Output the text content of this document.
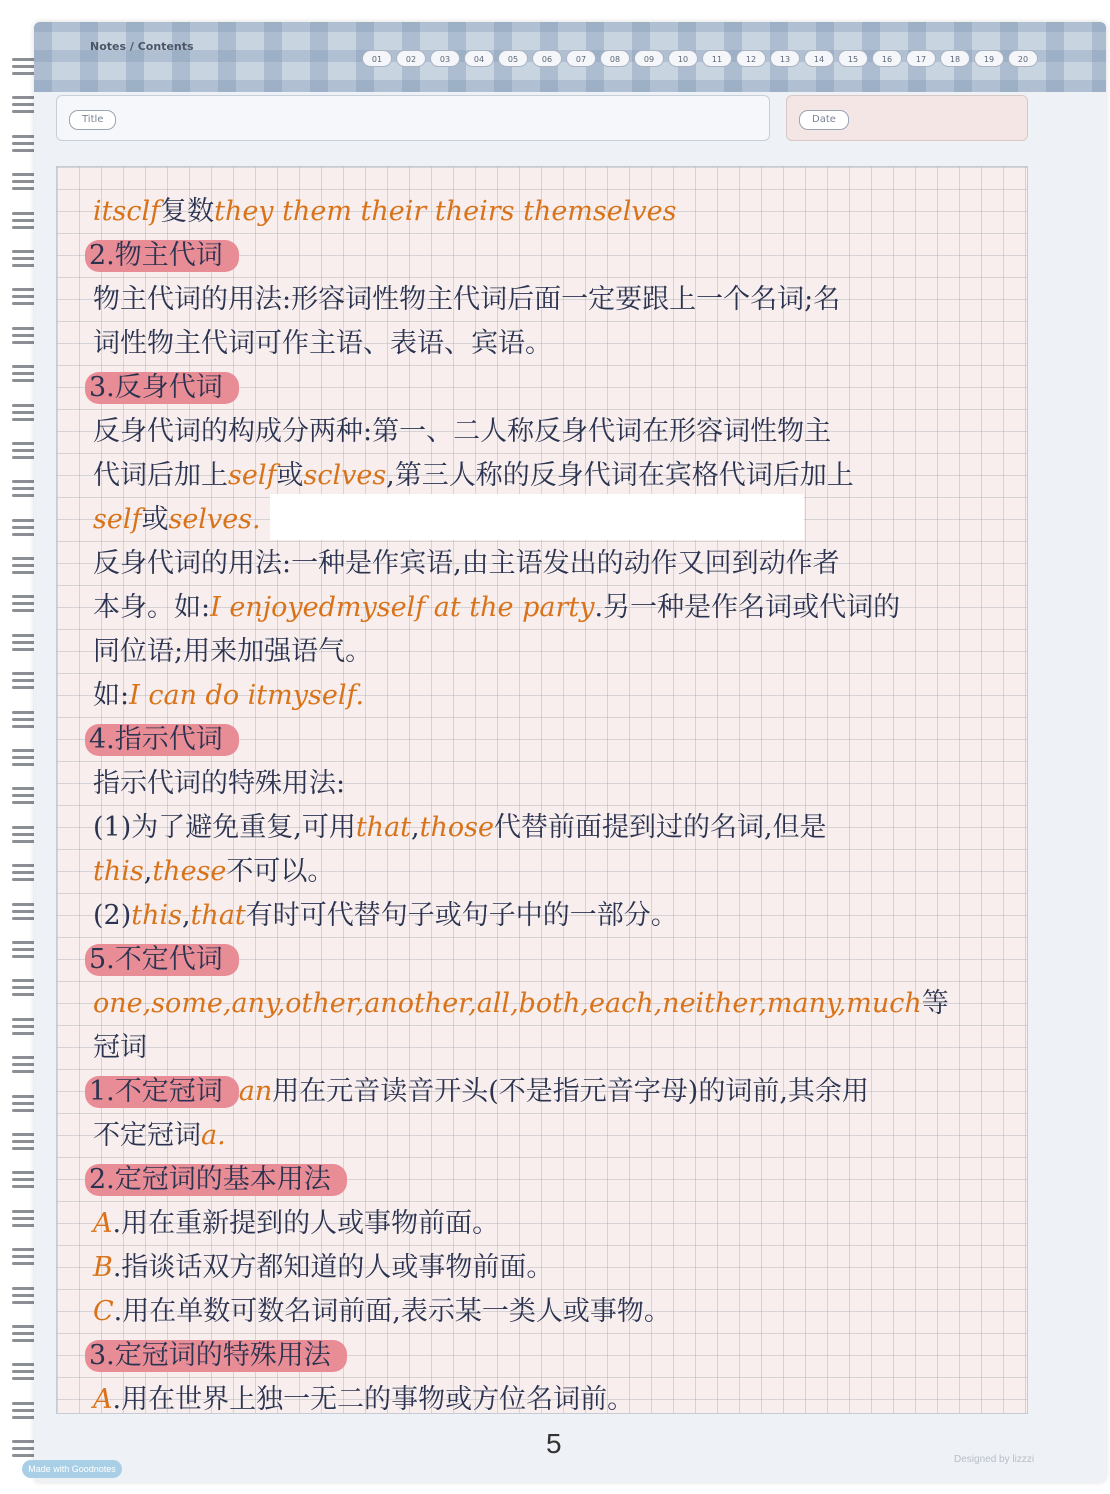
Notes / Contents
01	02	03	04	05	06	07	08	09	10	11	12	13	14	15	16	17	18	19	20
Title	Date
itsclf复数they them their theirs themselves
2.物主代词
物主代词的用法:形容词性物主代词后面一定要跟上一个名词;名
词性物主代词可作主语、表语、宾语。
3.反身代词
反身代词的构成分两种:第一、二人称反身代词在形容词性物主
代词后加上self或sclves,第三人称的反身代词在宾格代词后加上
self或selves.
反身代词的用法:一种是作宾语,由主语发出的动作又回到动作者
本身。如:I enjoyedmyself at the party.另一种是作名词或代词的
同位语;用来加强语气。
如:I can do itmyself.
4.指示代词
指示代词的特殊用法:
(1)为了避免重复,可用that,those代替前面提到过的名词,但是
this,these不可以。
(2)this,that有时可代替句子或句子中的一部分。
5.不定代词
one,some,any,other,another,all,both,each,neither,many,much等
冠词
1.不定冠词 an用在元音读音开头(不是指元音字母)的词前,其余用
不定冠词a.
2.定冠词的基本用法
A.用在重新提到的人或事物前面。
B.指谈话双方都知道的人或事物前面。
C.用在单数可数名词前面,表示某一类人或事物。
3.定冠词的特殊用法
A.用在世界上独一无二的事物或方位名词前。
5
Designed by lizzzi
Made with Goodnotes
